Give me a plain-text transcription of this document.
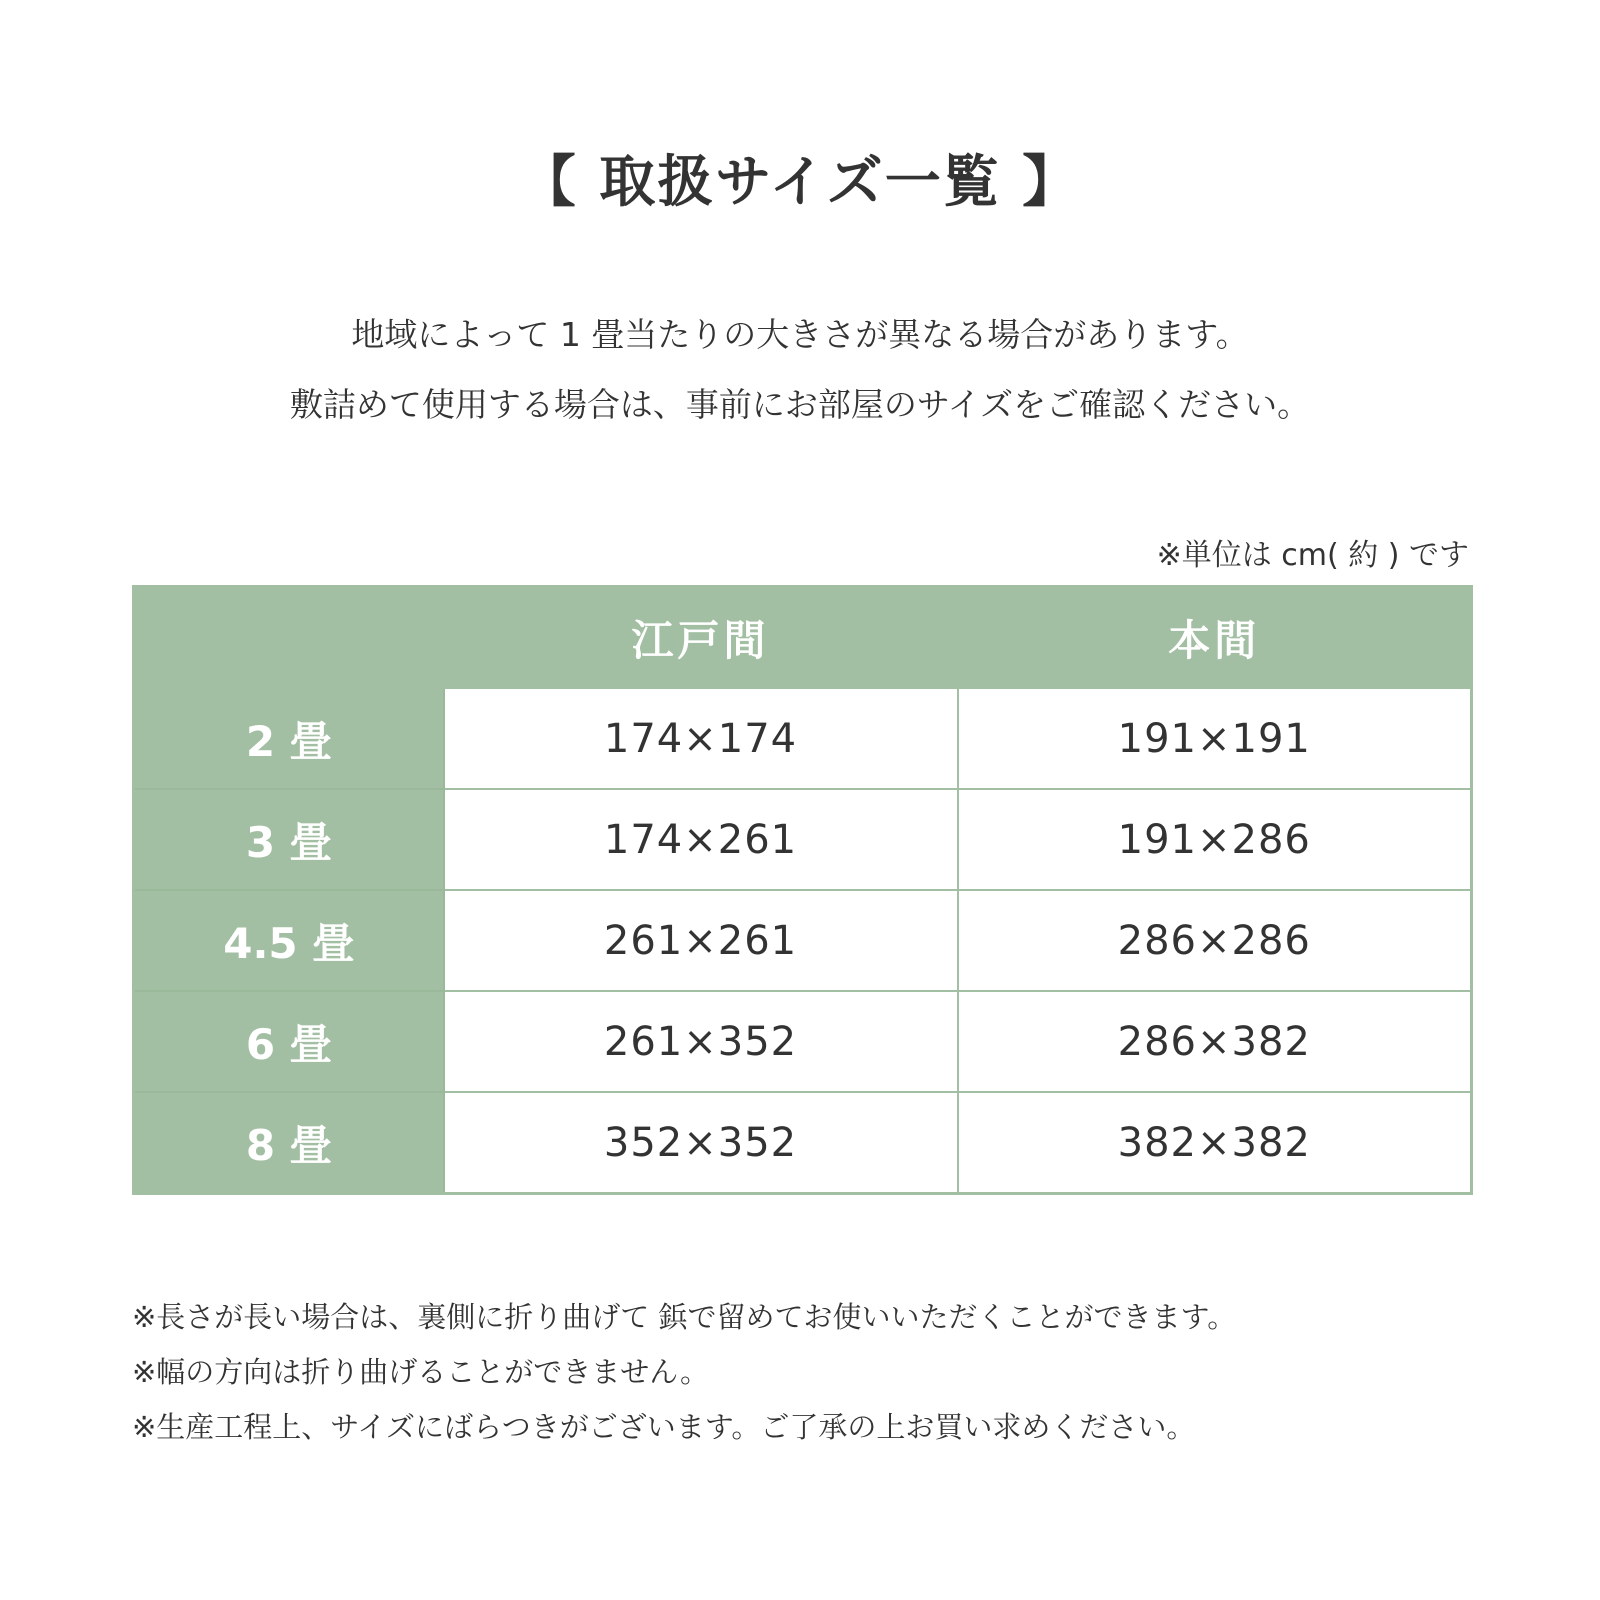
【 取扱サイズ一覧 】
地域によって 1 畳当たりの大きさが異なる場合があります。
敷詰めて使用する場合は、事前にお部屋のサイズをご確認ください。
※単位は cm( 約 ) です
	江戸間	本間
2 畳	174×174	191×191
3 畳	174×261	191×286
4.5 畳	261×261	286×286
6 畳	261×352	286×382
8 畳	352×352	382×382
※長さが長い場合は、裏側に折り曲げて 鋲で留めてお使いいただくことができます。
※幅の方向は折り曲げることができません。
※生産工程上、サイズにばらつきがございます。ご了承の上お買い求めください。
